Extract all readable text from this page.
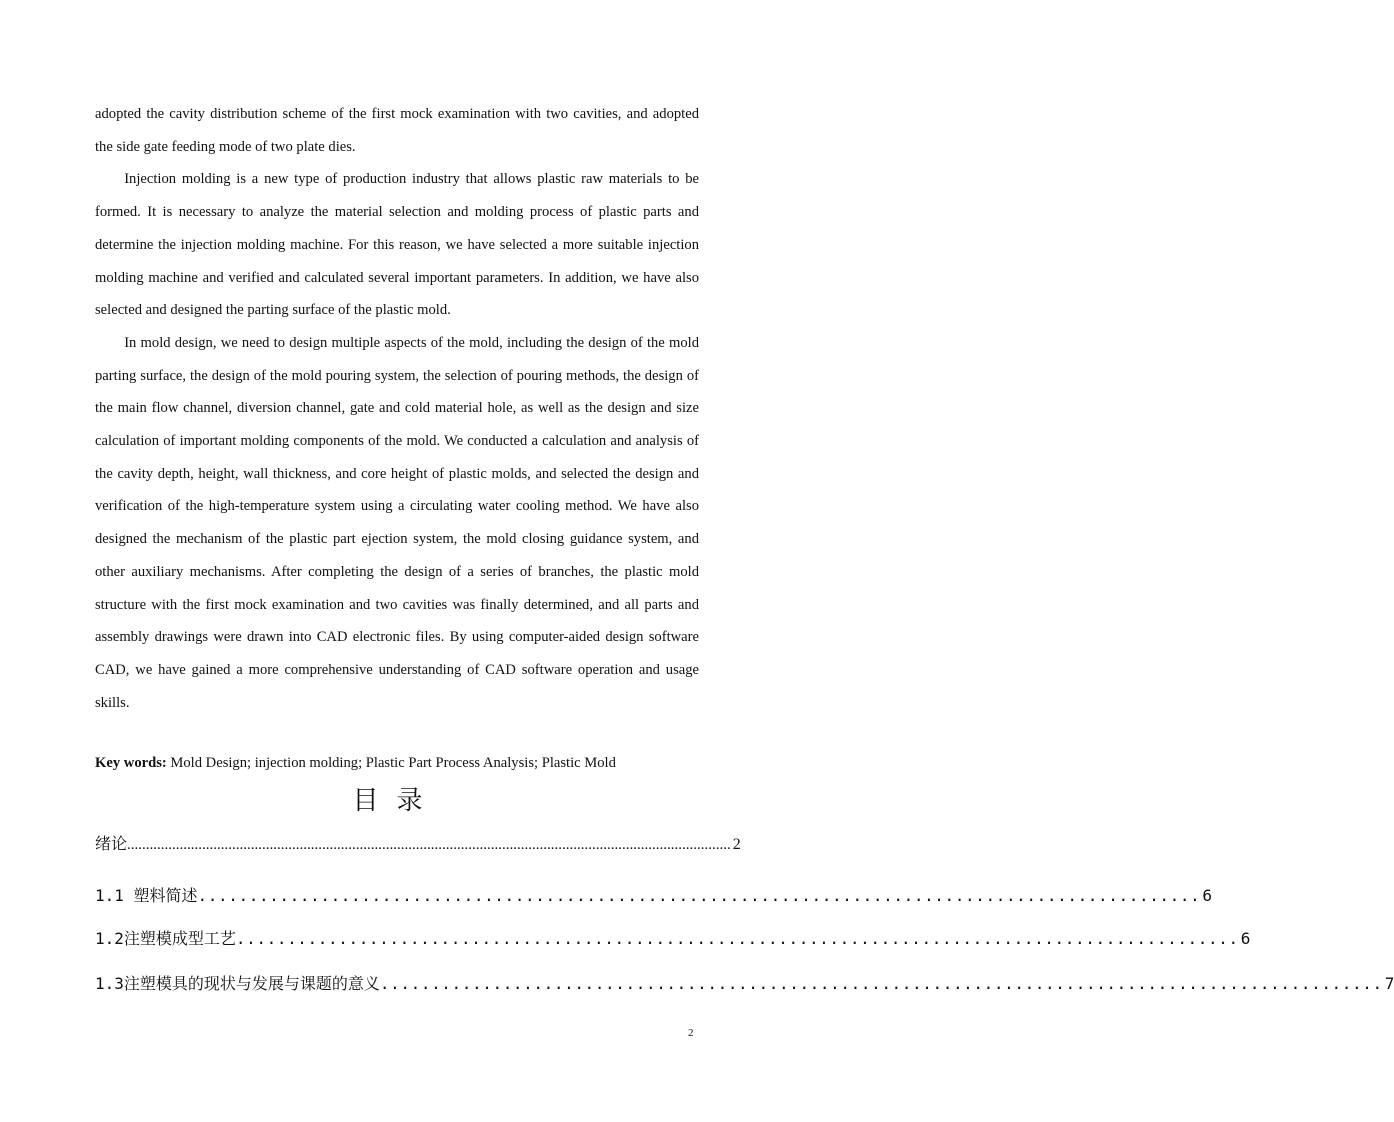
adopted the cavity distribution scheme of the first mock examination with two cavities, and adopted the side gate feeding mode of two plate dies.

Injection molding is a new type of production industry that allows plastic raw materials to be formed. It is necessary to analyze the material selection and molding process of plastic parts and determine the injection molding machine. For this reason, we have selected a more suitable injection molding machine and verified and calculated several important parameters. In addition, we have also selected and designed the parting surface of the plastic mold.

In mold design, we need to design multiple aspects of the mold, including the design of the mold parting surface, the design of the mold pouring system, the selection of pouring methods, the design of the main flow channel, diversion channel, gate and cold material hole, as well as the design and size calculation of important molding components of the mold. We conducted a calculation and analysis of the cavity depth, height, wall thickness, and core height of plastic molds, and selected the design and verification of the high-temperature system using a circulating water cooling method. We have also designed the mechanism of the plastic part ejection system, the mold closing guidance system, and other auxiliary mechanisms. After completing the design of a series of branches, the plastic mold structure with the first mock examination and two cavities was finally determined, and all parts and assembly drawings were drawn into CAD electronic files. By using computer-aided design software CAD, we have gained a more comprehensive understanding of CAD software operation and usage skills.

Key words: Mold Design; injection molding; Plastic Part Process Analysis; Plastic Mold
目录
绪论 ................................................................................................................................................................. 2
1.1 塑料简述 .................................................................................................. 6
1.2注塑模成型工艺 .................................................................................................. 6
1.3注塑模具的现状与发展与课题的意义 .................................................................................................. 7
2
